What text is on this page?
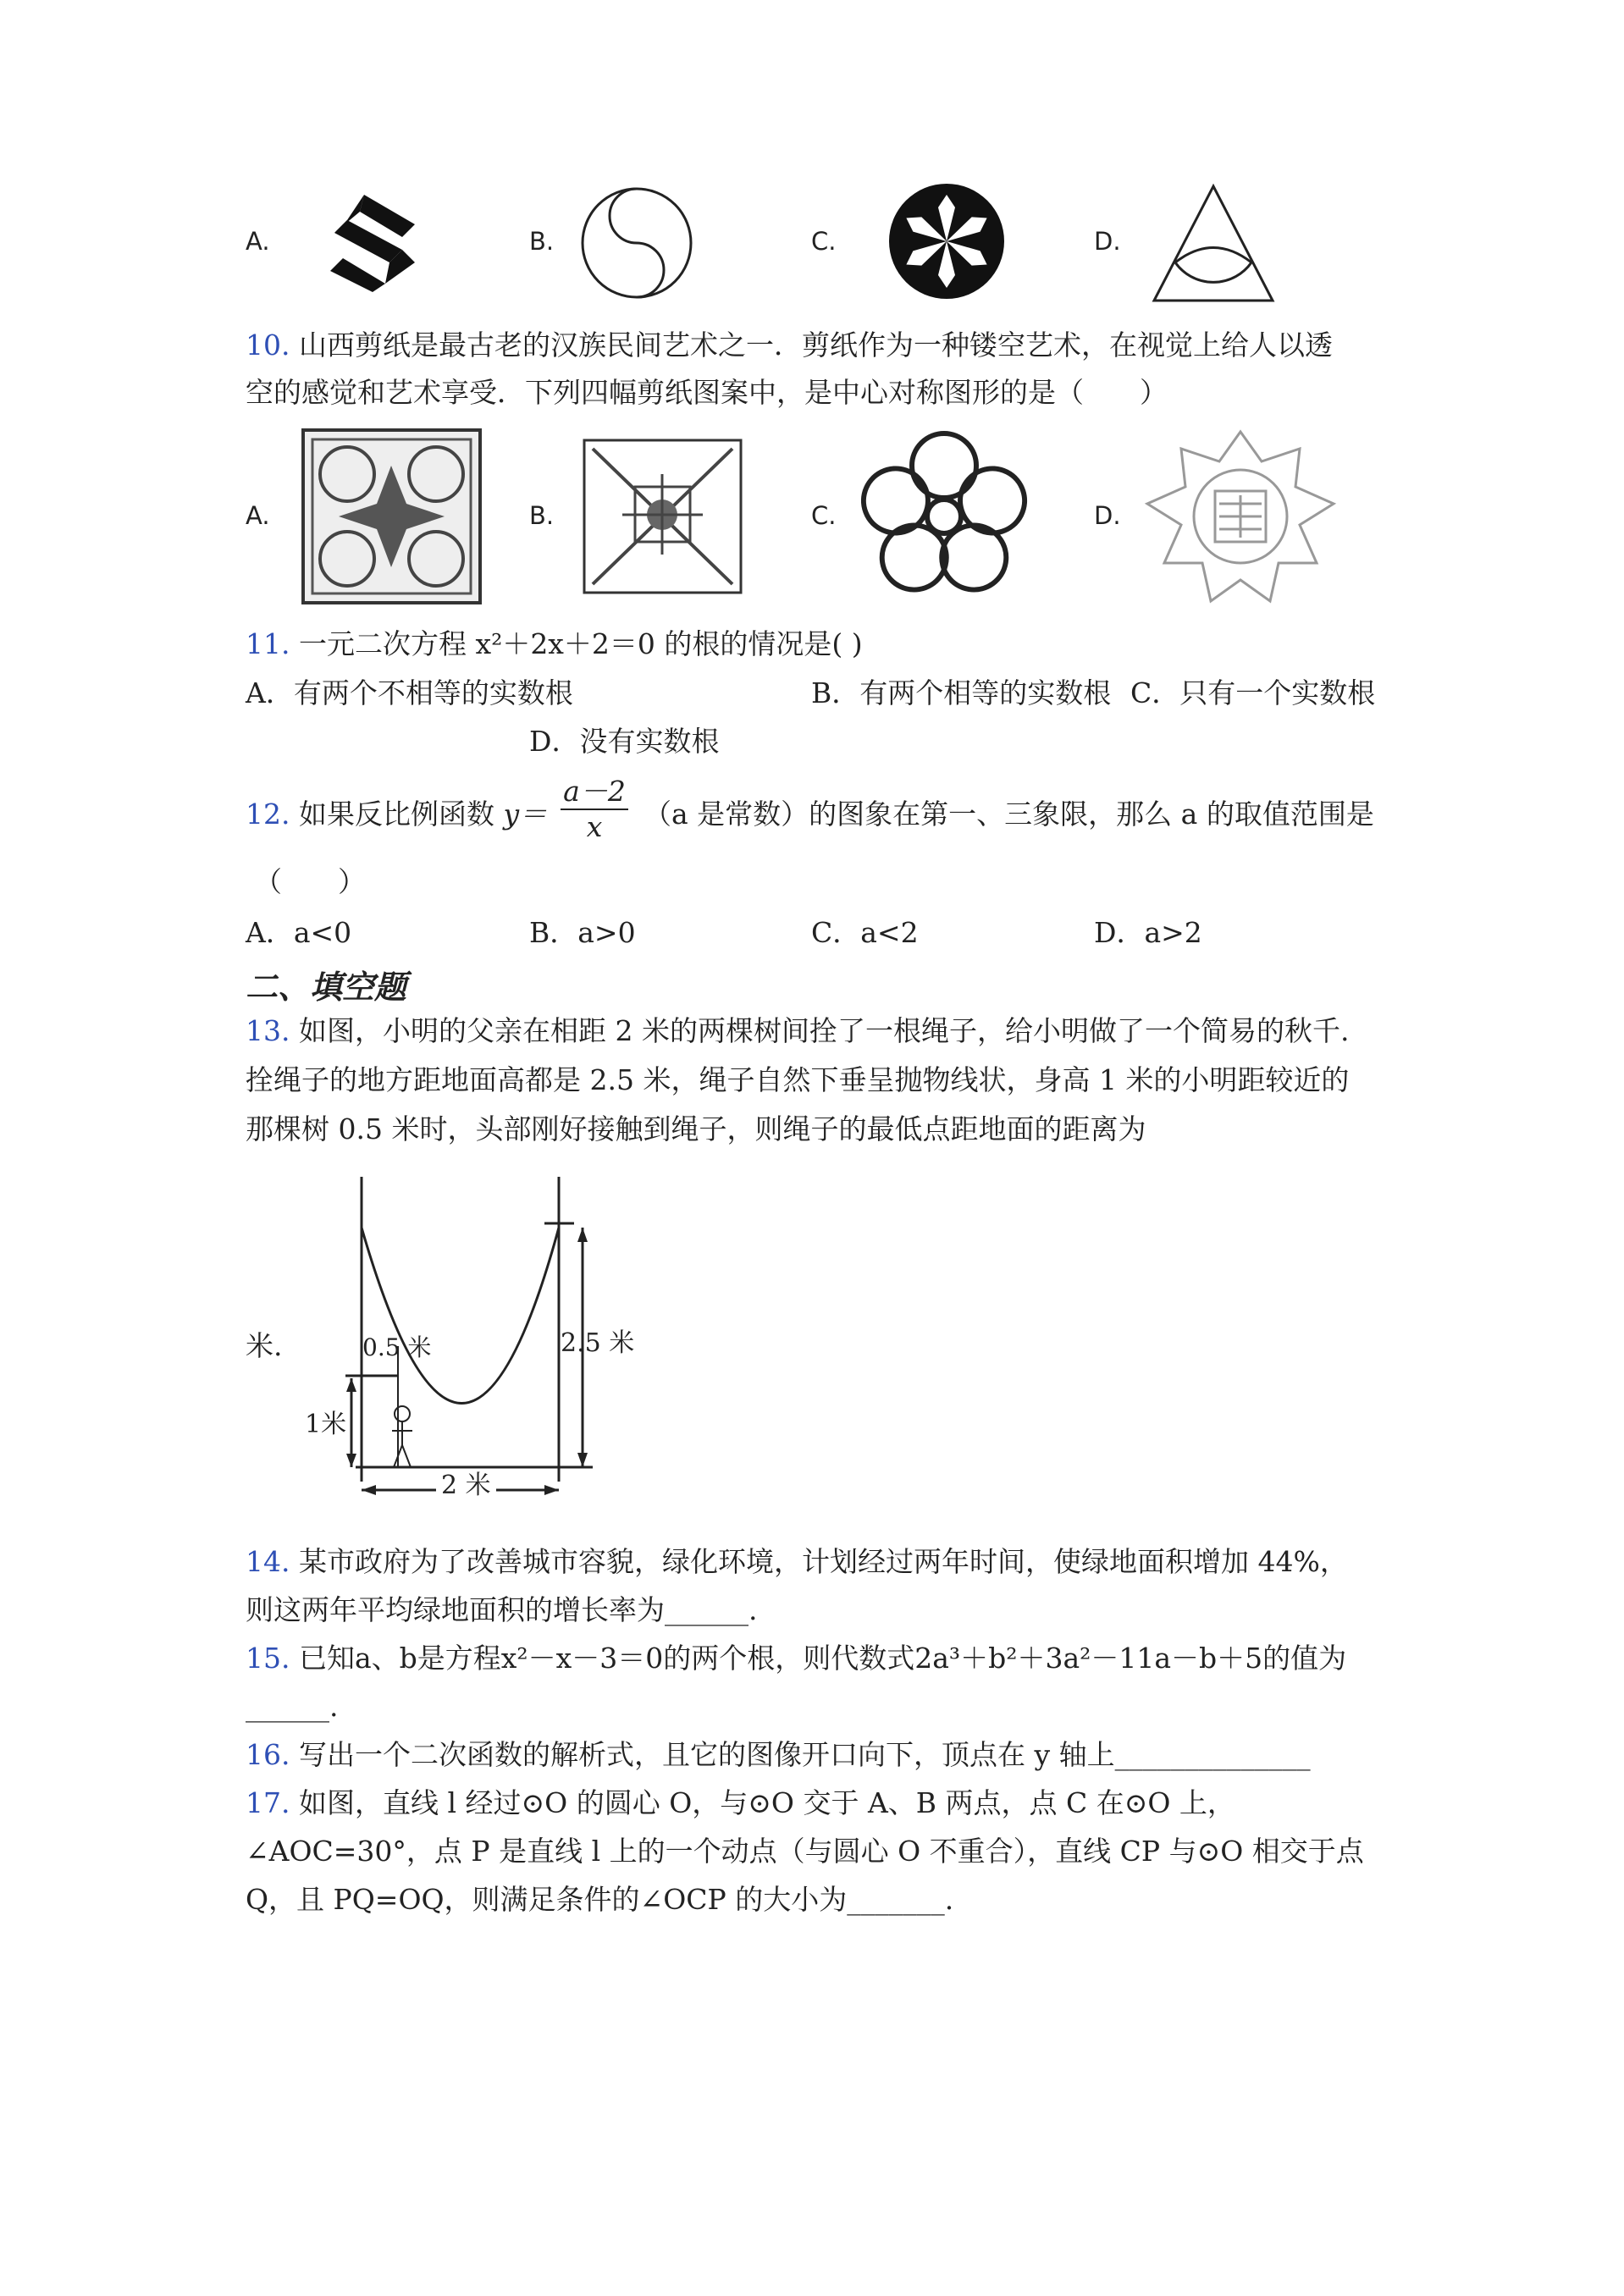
A.	B.	C.	D.
10. 山西剪纸是最古老的汉族民间艺术之一．剪纸作为一种镂空艺术，在视觉上给人以透
空的感觉和艺术享受．下列四幅剪纸图案中，是中心对称图形的是（　　）
A.	B.	C.	D.
11. 一元二次方程 x²＋2x＋2＝0 的根的情况是( )
A．有两个不相等的实数根	B．有两个相等的实数根 C．只有一个实数根
D．没有实数根
12. 如果反比例函数 $y= \frac{a-2}{x} (a$ 是常数）的图象在第一、三象限，那么 a 的取值范围是
（　　）
A．a<0	B．a>0	C．a<2	D．a>2
二、填空题
13. 如图，小明的父亲在相距 2 米的两棵树间拴了一根绳子，给小明做了一个简易的秋千.
拴绳子的地方距地面高都是 2.5 米，绳子自然下垂呈抛物线状，身高 1 米的小明距较近的
那棵树 0.5 米时，头部刚好接触到绳子，则绳子的最低点距地面的距离为
米.	0.5 米	2.5 米
1米
2 米
14. 某市政府为了改善城市容貌，绿化环境，计划经过两年时间，使绿地面积增加 44%，
则这两年平均绿地面积的增长率为______.
15. 已知a、b是方程x²－x－3＝0的两个根，则代数式2a³＋b²＋3a²－11a－b＋5的值为
______.
16. 写出一个二次函数的解析式，且它的图像开口向下，顶点在 y 轴上______________
17. 如图，直线 l 经过⊙O 的圆心 O，与⊙O 交于 A、B 两点，点 C 在⊙O 上，
∠AOC=30°，点 P 是直线 l 上的一个动点（与圆心 O 不重合），直线 CP 与⊙O 相交于点
Q，且 PQ=OQ，则满足条件的∠OCP 的大小为_______.
